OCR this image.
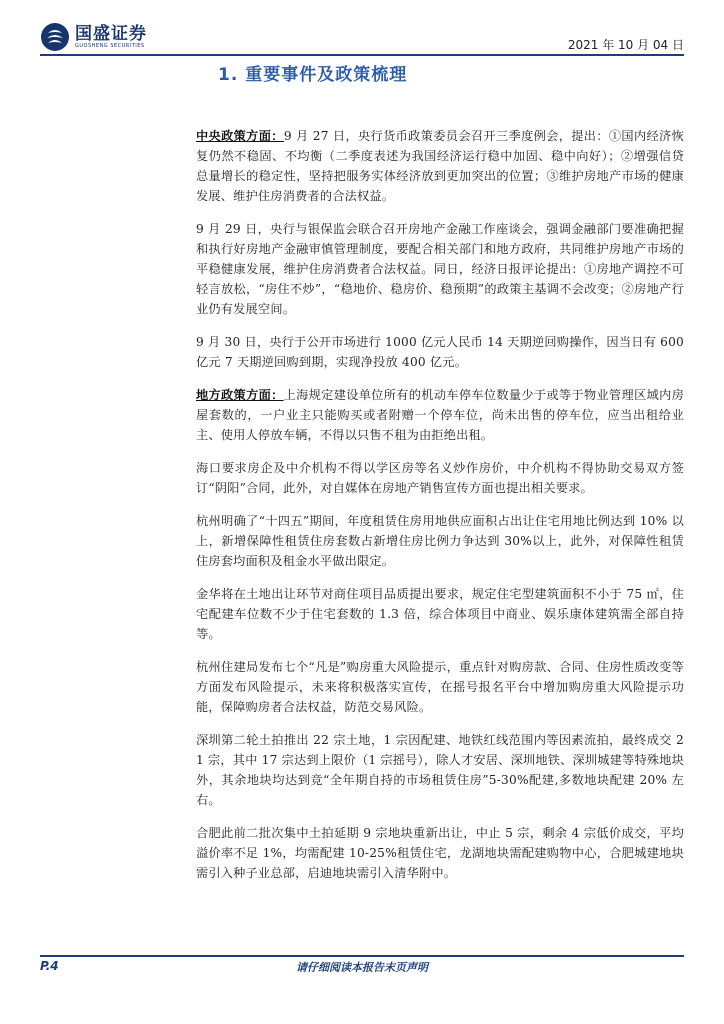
国盛证券
GUOSHENG SECURITIES	2021 年 10 月 04 日
1. 重要事件及政策梳理

中央政策方面：9 月 27 日，央行货币政策委员会召开三季度例会，提出：①国内经济恢复仍然不稳固、不均衡（二季度表述为我国经济运行稳中加固、稳中向好）；②增强信贷总量增长的稳定性，坚持把服务实体经济放到更加突出的位置；③维护房地产市场的健康发展、维护住房消费者的合法权益。

9 月 29 日，央行与银保监会联合召开房地产金融工作座谈会，强调金融部门要准确把握和执行好房地产金融审慎管理制度，要配合相关部门和地方政府，共同维护房地产市场的平稳健康发展，维护住房消费者合法权益。同日，经济日报评论提出：①房地产调控不可轻言放松，“房住不炒”，“稳地价、稳房价、稳预期”的政策主基调不会改变；②房地产行业仍有发展空间。

9 月 30 日，央行于公开市场进行 1000 亿元人民币 14 天期逆回购操作，因当日有 600 亿元 7 天期逆回购到期，实现净投放 400 亿元。

地方政策方面：上海规定建设单位所有的机动车停车位数量少于或等于物业管理区域内房屋套数的，一户业主只能购买或者附赠一个停车位，尚未出售的停车位，应当出租给业主、使用人停放车辆，不得以只售不租为由拒绝出租。

海口要求房企及中介机构不得以学区房等名义炒作房价，中介机构不得协助交易双方签订“阴阳”合同，此外，对自媒体在房地产销售宣传方面也提出相关要求。

杭州明确了“十四五”期间，年度租赁住房用地供应面积占出让住宅用地比例达到 10% 以上，新增保障性租赁住房套数占新增住房比例力争达到 30%以上，此外，对保障性租赁住房套均面积及租金水平做出限定。

金华将在土地出让环节对商住项目品质提出要求，规定住宅型建筑面积不小于 75 ㎡，住宅配建车位数不少于住宅套数的 1.3 倍，综合体项目中商业、娱乐康体建筑需全部自持等。

杭州住建局发布七个“凡是”购房重大风险提示，重点针对购房款、合同、住房性质改变等方面发布风险提示，未来将积极落实宣传，在摇号报名平台中增加购房重大风险提示功能，保障购房者合法权益，防范交易风险。

深圳第二轮土拍推出 22 宗土地，1 宗因配建、地铁红线范围内等因素流拍，最终成交 21 宗，其中 17 宗达到上限价（1 宗摇号），除人才安居、深圳地铁、深圳城建等特殊地块外，其余地块均达到竞“全年期自持的市场租赁住房”5-30%配建,多数地块配建 20% 左右。

合肥此前二批次集中土拍延期 9 宗地块重新出让，中止 5 宗，剩余 4 宗低价成交，平均溢价率不足 1%，均需配建 10-25%租赁住宅，龙湖地块需配建购物中心，合肥城建地块需引入种子业总部，启迪地块需引入清华附中。

请仔细阅读本报告末页声明
P.4
